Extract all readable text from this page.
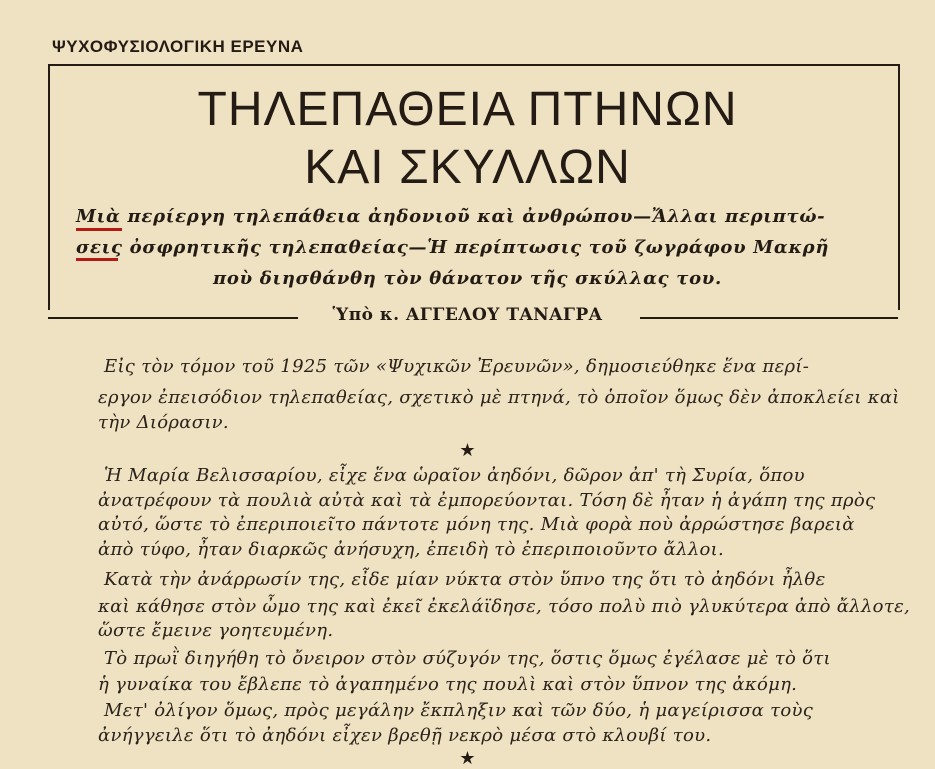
ΨΥΧΟΦΥΣΙΟΛΟΓΙΚΗ ΕΡΕΥΝΑ
ΤΗΛΕΠΑΘΕΙΑ ΠΤΗΝΩΝ
ΚΑΙ ΣΚΥΛΛΩΝ
Μιὰ περίεργη τηλεπάθεια ἀηδονιοῦ καὶ ἀνθρώπου—Ἄλλαι περιπτώ-
σεις ὀσφρητικῆς τηλεπαθείας—Ἡ περίπτωσις τοῦ ζωγράφου Μακρῆ
ποὺ διησθάνθη τὸν θάνατον τῆς σκύλλας του.
Ὑπὸ κ. ΑΓΓΕΛΟΥ ΤΑΝΑΓΡΑ
Εἰς τὸν τόμον τοῦ 1925 τῶν «Ψυχικῶν Ἐρευνῶν», δημοσιεύθηκε ἕνα περί-
εργον ἐπεισόδιον τηλεπαθείας, σχετικὸ μὲ πτηνά, τὸ ὁποῖον ὅμως δὲν ἀποκλείει καὶ
τὴν Διόρασιν.
★
Ἡ Μαρία Βελισσαρίου, εἶχε ἕνα ὡραῖον ἀηδόνι, δῶρον ἀπ' τὴ Συρία, ὅπου
ἀνατρέφουν τὰ πουλιὰ αὐτὰ καὶ τὰ ἐμπορεύονται. Τόση δὲ ἦταν ἡ ἀγάπη της πρὸς
αὐτό, ὥστε τὸ ἐπεριποιεῖτο πάντοτε μόνη της. Μιὰ φορὰ ποὺ ἀρρώστησε βαρειὰ
ἀπὸ τύφο, ἦταν διαρκῶς ἀνήσυχη, ἐπειδὴ τὸ ἐπεριποιοῦντο ἄλλοι.
Κατὰ τὴν ἀνάρρωσίν της, εἶδε μίαν νύκτα στὸν ὕπνο της ὅτι τὸ ἀηδόνι ἦλθε
καὶ κάθησε στὸν ὦμο της καὶ ἐκεῖ ἐκελάϊδησε, τόσο πολὺ πιὸ γλυκύτερα ἀπὸ ἄλλοτε,
ὥστε ἔμεινε γοητευμένη.
Τὸ πρωῒ διηγήθη τὸ ὄνειρον στὸν σύζυγόν της, ὅστις ὅμως ἐγέλασε μὲ τὸ ὅτι
ἡ γυναίκα του ἔβλεπε τὸ ἀγαπημένο της πουλὶ καὶ στὸν ὕπνον της ἀκόμη.
Μετ' ὀλίγον ὅμως, πρὸς μεγάλην ἔκπληξιν καὶ τῶν δύο, ἡ μαγείρισσα τοὺς
ἀνήγγειλε ὅτι τὸ ἀηδόνι εἶχεν βρεθῇ νεκρὸ μέσα στὸ κλουβί του.
★
